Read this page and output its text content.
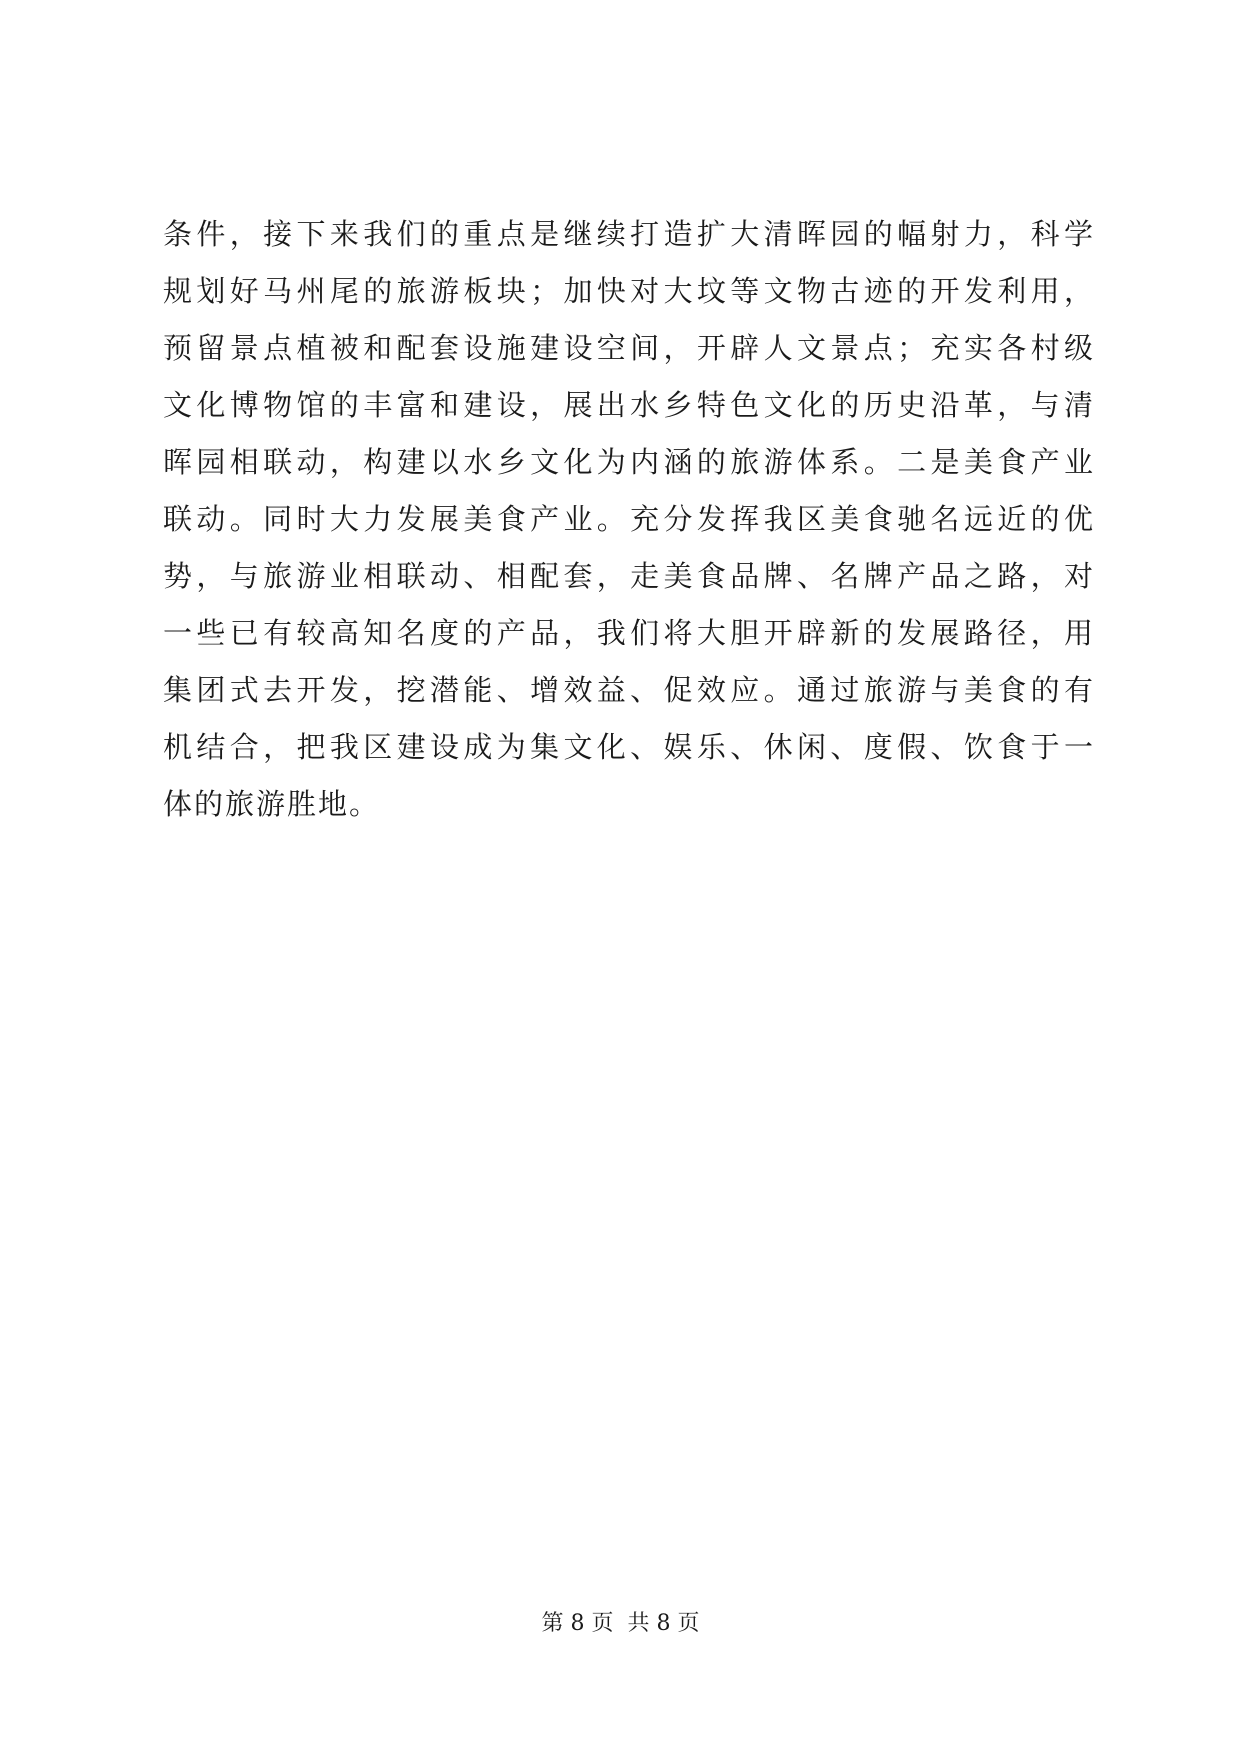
条件，接下来我们的重点是继续打造扩大清晖园的幅射力，科学
规划好马州尾的旅游板块；加快对大坟等文物古迹的开发利用，
预留景点植被和配套设施建设空间，开辟人文景点；充实各村级
文化博物馆的丰富和建设，展出水乡特色文化的历史沿革，与清
晖园相联动，构建以水乡文化为内涵的旅游体系。二是美食产业
联动。同时大力发展美食产业。充分发挥我区美食驰名远近的优
势，与旅游业相联动、相配套，走美食品牌、名牌产品之路，对
一些已有较高知名度的产品，我们将大胆开辟新的发展路径，用
集团式去开发，挖潜能、增效益、促效应。通过旅游与美食的有
机结合，把我区建设成为集文化、娱乐、休闲、度假、饮食于一
体的旅游胜地。
第 8 页 共 8 页
